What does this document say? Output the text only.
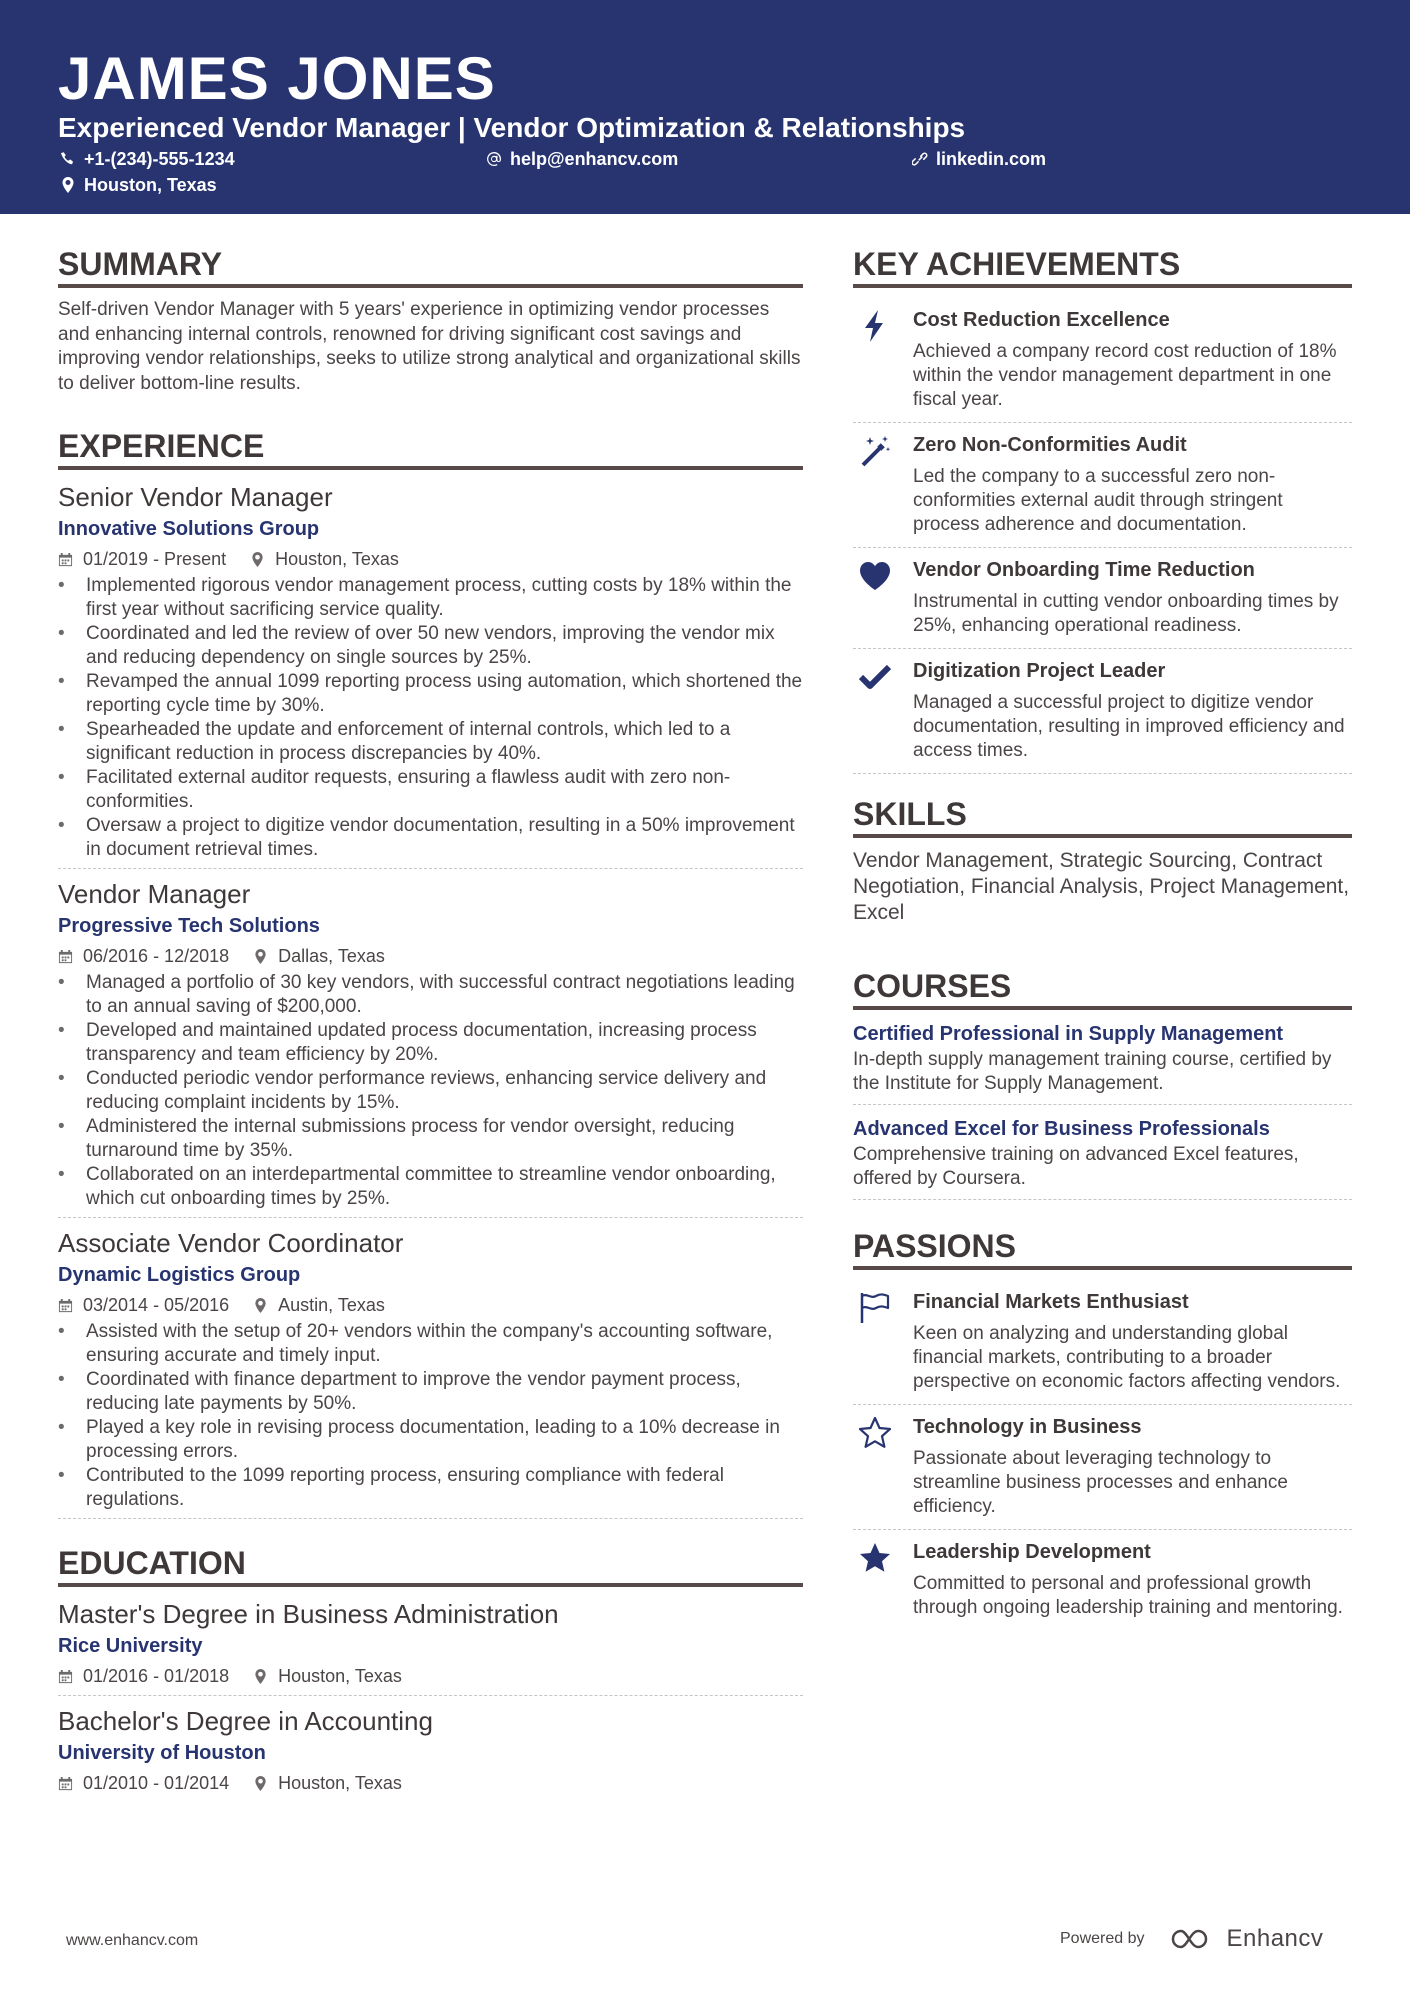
JAMES JONES
Experienced Vendor Manager | Vendor Optimization & Relationships
+1-(234)-555-1234	help@enhancv.com	linkedin.com
Houston, Texas
SUMMARY
Self-driven Vendor Manager with 5 years' experience in optimizing vendor processes and enhancing internal controls, renowned for driving significant cost savings and improving vendor relationships, seeks to utilize strong analytical and organizational skills to deliver bottom-line results.
EXPERIENCE
Senior Vendor Manager
Innovative Solutions Group
01/2019 - Present	Houston, Texas
• Implemented rigorous vendor management process, cutting costs by 18% within the first year without sacrificing service quality.
• Coordinated and led the review of over 50 new vendors, improving the vendor mix and reducing dependency on single sources by 25%.
• Revamped the annual 1099 reporting process using automation, which shortened the reporting cycle time by 30%.
• Spearheaded the update and enforcement of internal controls, which led to a significant reduction in process discrepancies by 40%.
• Facilitated external auditor requests, ensuring a flawless audit with zero non-conformities.
• Oversaw a project to digitize vendor documentation, resulting in a 50% improvement in document retrieval times.
Vendor Manager
Progressive Tech Solutions
06/2016 - 12/2018	Dallas, Texas
• Managed a portfolio of 30 key vendors, with successful contract negotiations leading to an annual saving of $200,000.
• Developed and maintained updated process documentation, increasing process transparency and team efficiency by 20%.
• Conducted periodic vendor performance reviews, enhancing service delivery and reducing complaint incidents by 15%.
• Administered the internal submissions process for vendor oversight, reducing turnaround time by 35%.
• Collaborated on an interdepartmental committee to streamline vendor onboarding, which cut onboarding times by 25%.
Associate Vendor Coordinator
Dynamic Logistics Group
03/2014 - 05/2016	Austin, Texas
• Assisted with the setup of 20+ vendors within the company's accounting software, ensuring accurate and timely input.
• Coordinated with finance department to improve the vendor payment process, reducing late payments by 50%.
• Played a key role in revising process documentation, leading to a 10% decrease in processing errors.
• Contributed to the 1099 reporting process, ensuring compliance with federal regulations.
EDUCATION
Master's Degree in Business Administration
Rice University
01/2016 - 01/2018	Houston, Texas
Bachelor's Degree in Accounting
University of Houston
01/2010 - 01/2014	Houston, Texas
KEY ACHIEVEMENTS
Cost Reduction Excellence
Achieved a company record cost reduction of 18% within the vendor management department in one fiscal year.
Zero Non-Conformities Audit
Led the company to a successful zero non-conformities external audit through stringent process adherence and documentation.
Vendor Onboarding Time Reduction
Instrumental in cutting vendor onboarding times by 25%, enhancing operational readiness.
Digitization Project Leader
Managed a successful project to digitize vendor documentation, resulting in improved efficiency and access times.
SKILLS
Vendor Management, Strategic Sourcing, Contract Negotiation, Financial Analysis, Project Management, Excel
COURSES
Certified Professional in Supply Management
In-depth supply management training course, certified by the Institute for Supply Management.
Advanced Excel for Business Professionals
Comprehensive training on advanced Excel features, offered by Coursera.
PASSIONS
Financial Markets Enthusiast
Keen on analyzing and understanding global financial markets, contributing to a broader perspective on economic factors affecting vendors.
Technology in Business
Passionate about leveraging technology to streamline business processes and enhance efficiency.
Leadership Development
Committed to personal and professional growth through ongoing leadership training and mentoring.
www.enhancv.com	Powered by	Enhancv
